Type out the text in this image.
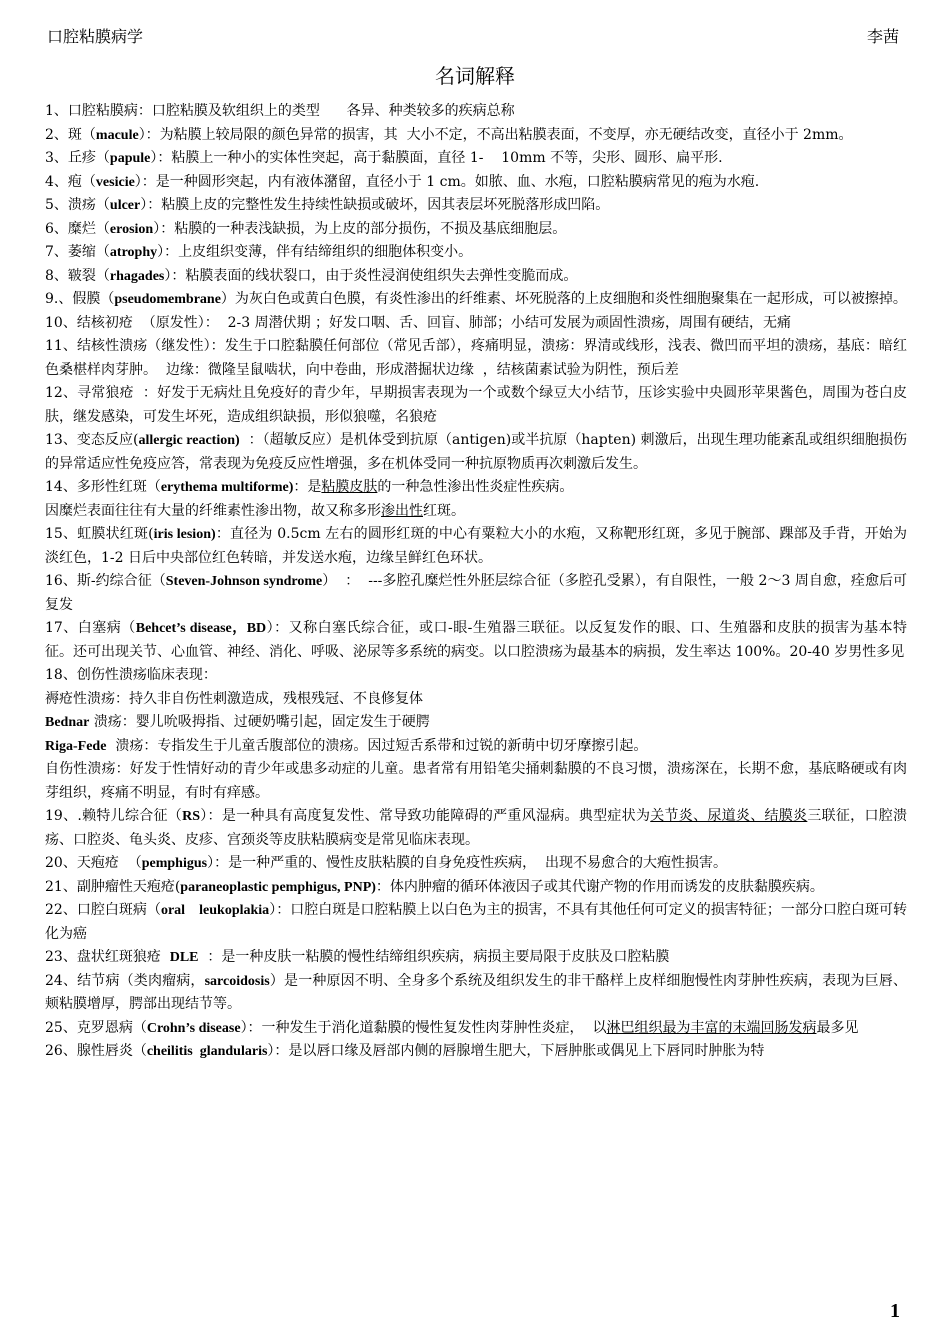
口腔粘膜病学	李茜
名词解释

1、口腔粘膜病：口腔粘膜及软组织上的类型      各异、种类较多的疾病总称

2、斑（macule）：为粘膜上较局限的颜色异常的损害，其  大小不定，不高出粘膜表面，不变厚，亦无硬结改变，直径小于 2mm。

3、丘疹（papule）：粘膜上一种小的实体性突起，高于黏膜面，直径 1-    10mm 不等，尖形、圆形、扁平形.

4、疱（vesicie）：是一种圆形突起，内有液体潴留，直径小于 1 cm。如脓、血、水疱，口腔粘膜病常见的疱为水疱.

5、溃疡（ulcer）：粘膜上皮的完整性发生持续性缺损或破坏，因其表层坏死脱落形成凹陷。

6、糜烂（erosion）：粘膜的一种表浅缺损，为上皮的部分损伤，不损及基底细胞层。

7、萎缩（atrophy）：上皮组织变薄，伴有结缔组织的细胞体积变小。

8、皲裂（rhagades）：粘膜表面的线状裂口，由于炎性浸润使组织失去弹性变脆而成。

9.、假膜（pseudomembrane）为灰白色或黄白色膜，有炎性渗出的纤维素、坏死脱落的上皮细胞和炎性细胞聚集在一起形成，可以被擦掉。

10、结核初疮  （原发性）：  2-3 周潜伏期 ；好发口咽、舌、回盲、肺部；小结可发展为顽固性溃疡，周围有硬结，无痛

11、结核性溃疡（继发性）：发生于口腔黏膜任何部位（常见舌部），疼痛明显，溃疡：界清或线形，浅表、微凹而平坦的溃疡，基底：暗红色桑椹样肉芽肿。  边缘：微隆呈鼠啮状，向中卷曲，形成潜掘状边缘  ，结核菌素试验为阴性，预后差

12、寻常狼疮  ：好发于无病灶且免疫好的青少年，早期损害表现为一个或数个绿豆大小结节，压诊实验中央圆形苹果酱色，周围为苍白皮肤，继发感染，可发生坏死，造成组织缺损，形似狼噬，名狼疮

13、变态反应(allergic reaction)  ：（超敏反应）是机体受到抗原（antigen)或半抗原（hapten) 刺激后，出现生理功能紊乱或组织细胞损伤的异常适应性免疫应答，常表现为免疫反应性增强，多在机体受同一种抗原物质再次刺激后发生。

14、多形性红斑（erythema multiforme)：是粘膜皮肤的一种急性渗出性炎症性疾病。

因糜烂表面往往有大量的纤维素性渗出物，故又称多形渗出性红斑。

15、虹膜状红斑(iris lesion)：直径为 0.5cm 左右的圆形红斑的中心有粟粒大小的水疱，又称靶形红斑，多见于腕部、踝部及手背，开始为淡红色，1-2 日后中央部位红色转暗，并发送水疱，边缘呈鲜红色环状。

16、斯-约综合征（Steven-Johnson syndrome）  ：  ---多腔孔糜烂性外胚层综合征（多腔孔受累），有自限性，一般 2～3 周自愈，痊愈后可复发

17、白塞病（Behcet’s disease，BD）：又称白塞氏综合征，或口-眼-生殖器三联征。以反复发作的眼、口、生殖器和皮肤的损害为基本特征。还可出现关节、心血管、神经、消化、呼吸、泌尿等多系统的病变。以口腔溃疡为最基本的病损，发生率达 100%。20-40 岁男性多见

18、创伤性溃疡临床表现：

褥疮性溃疡：持久非自伤性刺激造成，残根残冠、不良修复体

Bednar 溃疡：婴儿吮吸拇指、过硬奶嘴引起，固定发生于硬腭

Riga-Fede  溃疡：专指发生于儿童舌腹部位的溃疡。因过短舌系带和过锐的新萌中切牙摩擦引起。

自伤性溃疡：好发于性情好动的青少年或患多动症的儿童。患者常有用铅笔尖捅刺黏膜的不良习惯，溃疡深在，长期不愈，基底略硬或有肉芽组织，疼痛不明显，有时有痒感。

19、.赖特儿综合征（RS）：是一种具有高度复发性、常导致功能障碍的严重风湿病。典型症状为关节炎、尿道炎、结膜炎三联征，口腔溃疡、口腔炎、龟头炎、皮疹、宫颈炎等皮肤粘膜病变是常见临床表现。

20、天疱疮  （pemphigus）：是一种严重的、慢性皮肤粘膜的自身免疫性疾病，  出现不易愈合的大疱性损害。

21、副肿瘤性天疱疮(paraneoplastic pemphigus, PNP)：体内肿瘤的循环体液因子或其代谢产物的作用而诱发的皮肤黏膜疾病。

22、口腔白斑病（oral    leukoplakia）：口腔白斑是口腔粘膜上以白色为主的损害，不具有其他任何可定义的损害特征；一部分口腔白斑可转化为癌

23、盘状红斑狼疮  DLE  ：是一种皮肤一粘膜的慢性结缔组织疾病，病损主要局限于皮肤及口腔粘膜

24、结节病（类肉瘤病，sarcoidosis）是一种原因不明、全身多个系统及组织发生的非干酪样上皮样细胞慢性肉芽肿性疾病，表现为巨唇、颊粘膜增厚，腭部出现结节等。

25、克罗恩病（Crohn’s disease）：一种发生于消化道黏膜的慢性复发性肉芽肿性炎症，  以淋巴组织最为丰富的末端回肠发病最多见

26、腺性唇炎（cheilitis  glandularis）：是以唇口缘及唇部内侧的唇腺增生肥大，下唇肿胀或偶见上下唇同时肿胀为特

1
